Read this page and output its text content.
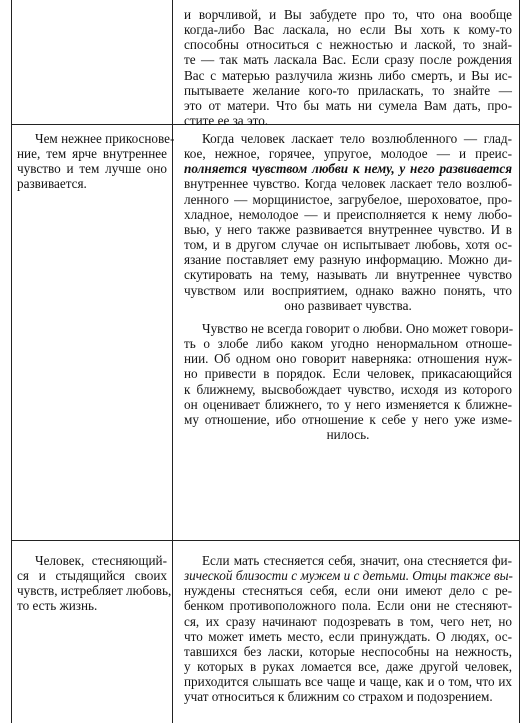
и ворчливой, и Вы забудете про то, что она вообще
когда-либо Вас ласкала, но если Вы хоть к кому-то
способны относиться с нежностью и лаской, то знай-
те — так мать ласкала Вас. Если сразу после рождения
Вас с матерью разлучила жизнь либо смерть, и Вы ис-
пытываете желание кого-то приласкать, то знайте —
это от матери. Что бы мать ни сумела Вам дать, про-
стите ее за это.

Чем нежнее прикоснове-
ние, тем ярче внутреннее
чувство и тем лучше оно
развивается.

Когда человек ласкает тело возлюбленного — глад-
кое, нежное, горячее, упругое, молодое — и преис-
полняется чувством любви к нему, у него развивается
внутреннее чувство. Когда человек ласкает тело возлюб-
ленного — морщинистое, загрубелое, шероховатое, про-
хладное, немолодое — и преисполняется к нему любо-
вью, у него также развивается внутреннее чувство. И в
том, и в другом случае он испытывает любовь, хотя ос-
язание поставляет ему разную информацию. Можно ди-
скутировать на тему, называть ли внутреннее чувство
чувством или восприятием, однако важно понять, что
оно развивает чувства.

Чувство не всегда говорит о любви. Оно может говори-
ть о злобе либо каком угодно ненормальном отноше-
нии. Об одном оно говорит наверняка: отношения нуж-
но привести в порядок. Если человек, прикасающийся
к ближнему, высвобождает чувство, исходя из которого
он оценивает ближнего, то у него изменяется к ближне-
му отношение, ибо отношение к себе у него уже изме-
нилось.

Человек, стесняющий-
ся и стыдящийся своих
чувств, истребляет любовь,
то есть жизнь.

Если мать стесняется себя, значит, она стесняется фи-
зической близости с мужем и с детьми. Отцы также вы-
нуждены стесняться себя, если они имеют дело с ре-
бенком противоположного пола. Если они не стесняют-
ся, их сразу начинают подозревать в том, чего нет, но
что может иметь место, если принуждать. О людях, ос-
тавшихся без ласки, которые неспособны на нежность,
у которых в руках ломается все, даже другой человек,
приходится слышать все чаще и чаще, как и о том, что их
учат относиться к ближним со страхом и подозрением.
